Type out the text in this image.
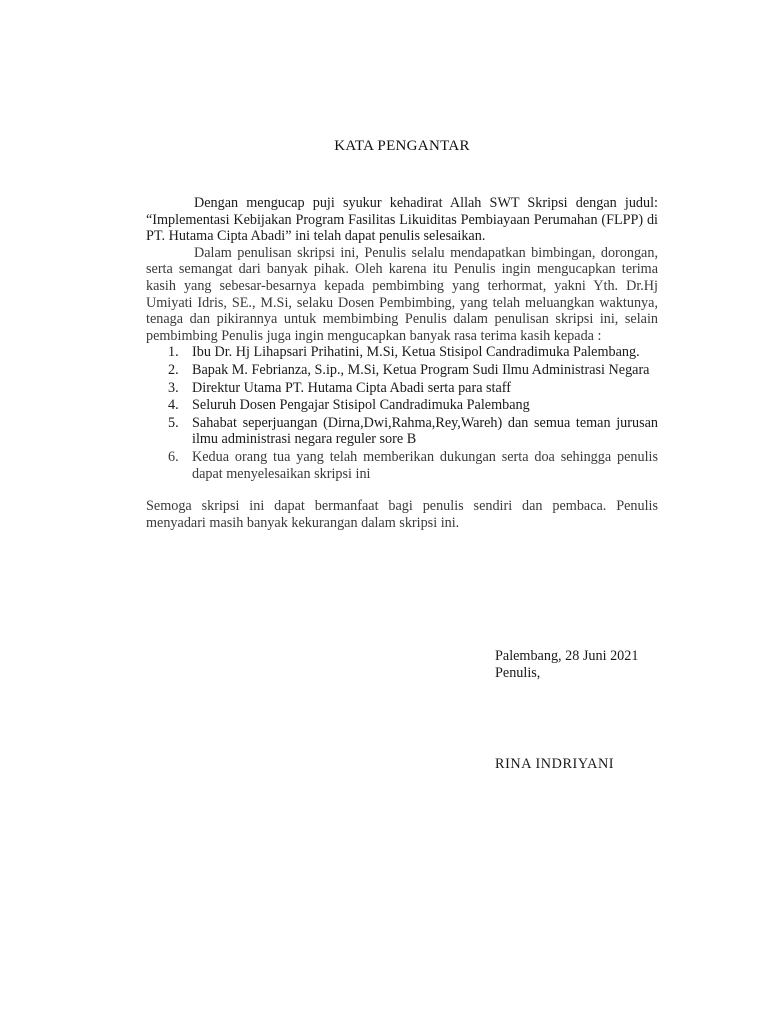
KATA PENGANTAR

Dengan mengucap puji syukur kehadirat Allah SWT Skripsi dengan judul: “Implementasi Kebijakan Program Fasilitas Likuiditas Pembiayaan Perumahan (FLPP) di PT. Hutama Cipta Abadi” ini telah dapat penulis selesaikan.

Dalam penulisan skripsi ini, Penulis selalu mendapatkan bimbingan, dorongan, serta semangat dari banyak pihak. Oleh karena itu Penulis ingin mengucapkan terima kasih yang sebesar-besarnya kepada pembimbing yang terhormat, yakni Yth. Dr.Hj Umiyati Idris, SE., M.Si, selaku Dosen Pembimbing, yang telah meluangkan waktunya, tenaga dan pikirannya untuk membimbing Penulis dalam penulisan skripsi ini, selain pembimbing Penulis juga ingin mengucapkan banyak rasa terima kasih kepada :

1. Ibu Dr. Hj Lihapsari Prihatini, M.Si, Ketua Stisipol Candradimuka Palembang.
2. Bapak M. Febrianza, S.ip., M.Si, Ketua Program Sudi Ilmu Administrasi Negara
3. Direktur Utama PT. Hutama Cipta Abadi serta para staff
4. Seluruh Dosen Pengajar Stisipol Candradimuka Palembang
5. Sahabat seperjuangan (Dirna,Dwi,Rahma,Rey,Wareh) dan semua teman jurusan ilmu administrasi negara reguler sore B
6. Kedua orang tua yang telah memberikan dukungan serta doa sehingga penulis dapat menyelesaikan skripsi ini

Semoga skripsi ini dapat bermanfaat bagi penulis sendiri dan pembaca. Penulis menyadari masih banyak kekurangan dalam skripsi ini.

Palembang, 28 Juni 2021
Penulis,
RINA INDRIYANI
